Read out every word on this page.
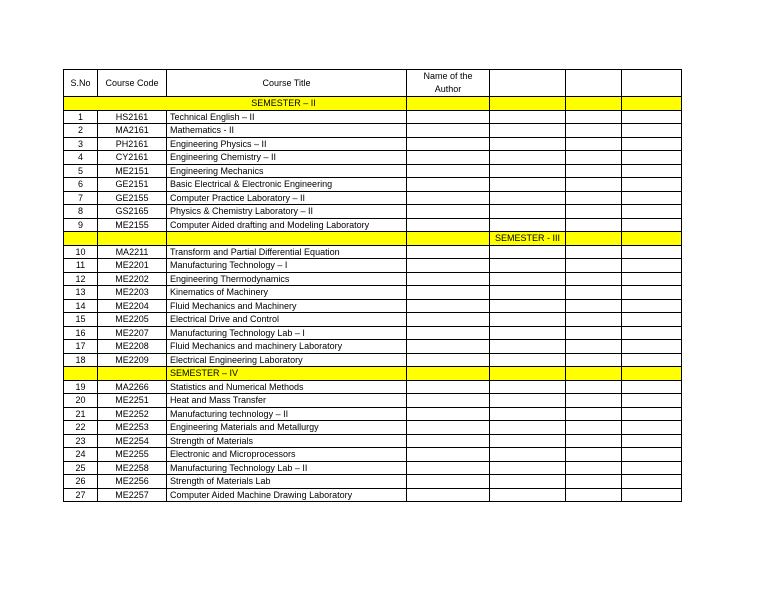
S.No	Course Code	Course Title	Name of the Author			
SEMESTER – II						
1	HS2161	Technical English – II				
2	MA2161	Mathematics - II				
3	PH2161	Engineering Physics – II				
4	CY2161	Engineering Chemistry – II				
5	ME2151	Engineering Mechanics				
6	GE2151	Basic Electrical & Electronic Engineering				
7	GE2155	Computer Practice Laboratory – II				
8	GS2165	Physics & Chemistry Laboratory – II				
9	ME2155	Computer Aided drafting and Modeling Laboratory				
				SEMESTER - III		
10	MA2211	Transform and Partial Differential Equation				
11	ME2201	Manufacturing Technology – I				
12	ME2202	Engineering Thermodynamics				
13	ME2203	Kinematics of Machinery				
14	ME2204	Fluid Mechanics and Machinery				
15	ME2205	Electrical Drive and Control				
16	ME2207	Manufacturing Technology Lab – I				
17	ME2208	Fluid Mechanics and machinery Laboratory				
18	ME2209	Electrical Engineering Laboratory				
		SEMESTER – IV				
19	MA2266	Statistics and Numerical Methods				
20	ME2251	Heat and Mass Transfer				
21	ME2252	Manufacturing technology – II				
22	ME2253	Engineering Materials and Metallurgy				
23	ME2254	Strength of Materials				
24	ME2255	Electronic and Microprocessors				
25	ME2258	Manufacturing Technology Lab – II				
26	ME2256	Strength of Materials Lab				
27	ME2257	Computer Aided Machine Drawing Laboratory				
